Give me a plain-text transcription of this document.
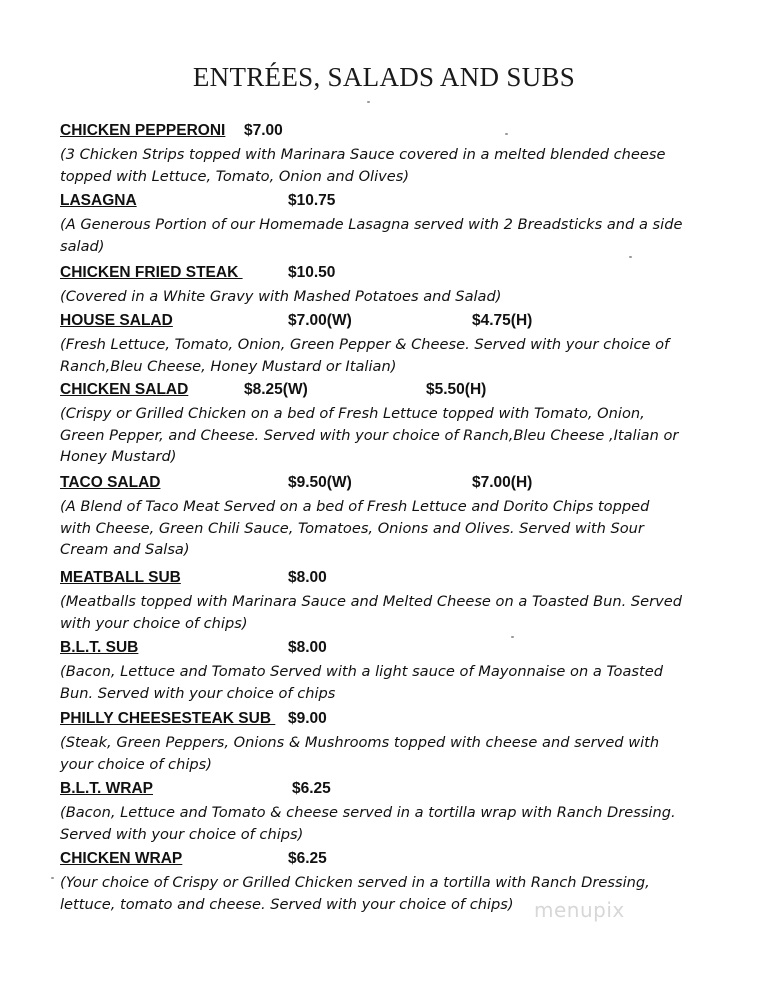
ENTRÉES, SALADS AND SUBS
CHICKEN PEPPERONI $7.00
(3 Chicken Strips topped with Marinara Sauce covered in a melted blended cheese
topped with Lettuce, Tomato, Onion and Olives)
LASAGNA	$10.75
(A Generous Portion of our Homemade Lasagna served with 2 Breadsticks and a side
salad)
CHICKEN FRIED STEAK	$10.50
(Covered in a White Gravy with Mashed Potatoes and Salad)
HOUSE SALAD	$7.00(W)	$4.75(H)
(Fresh Lettuce, Tomato, Onion, Green Pepper & Cheese. Served with your choice of
Ranch,Bleu Cheese, Honey Mustard or Italian)
CHICKEN SALAD	$8.25(W)	$5.50(H)
(Crispy or Grilled Chicken on a bed of Fresh Lettuce topped with Tomato, Onion,
Green Pepper, and Cheese. Served with your choice of Ranch,Bleu Cheese ,Italian or
Honey Mustard)
TACO SALAD	$9.50(W)	$7.00(H)
(A Blend of Taco Meat Served on a bed of Fresh Lettuce and Dorito Chips topped
with Cheese, Green Chili Sauce, Tomatoes, Onions and Olives. Served with Sour
Cream and Salsa)
MEATBALL SUB	$8.00
(Meatballs topped with Marinara Sauce and Melted Cheese on a Toasted Bun. Served
with your choice of chips)
B.L.T. SUB	$8.00
(Bacon, Lettuce and Tomato Served with a light sauce of Mayonnaise on a Toasted
Bun. Served with your choice of chips
PHILLY CHEESESTEAK SUB $9.00
(Steak, Green Peppers, Onions & Mushrooms topped with cheese and served with
your choice of chips)
B.L.T. WRAP	$6.25
(Bacon, Lettuce and Tomato & cheese served in a tortilla wrap with Ranch Dressing.
Served with your choice of chips)
CHICKEN WRAP	$6.25
(Your choice of Crispy or Grilled Chicken served in a tortilla with Ranch Dressing,
lettuce, tomato and cheese. Served with your choice of chips)	menupix
